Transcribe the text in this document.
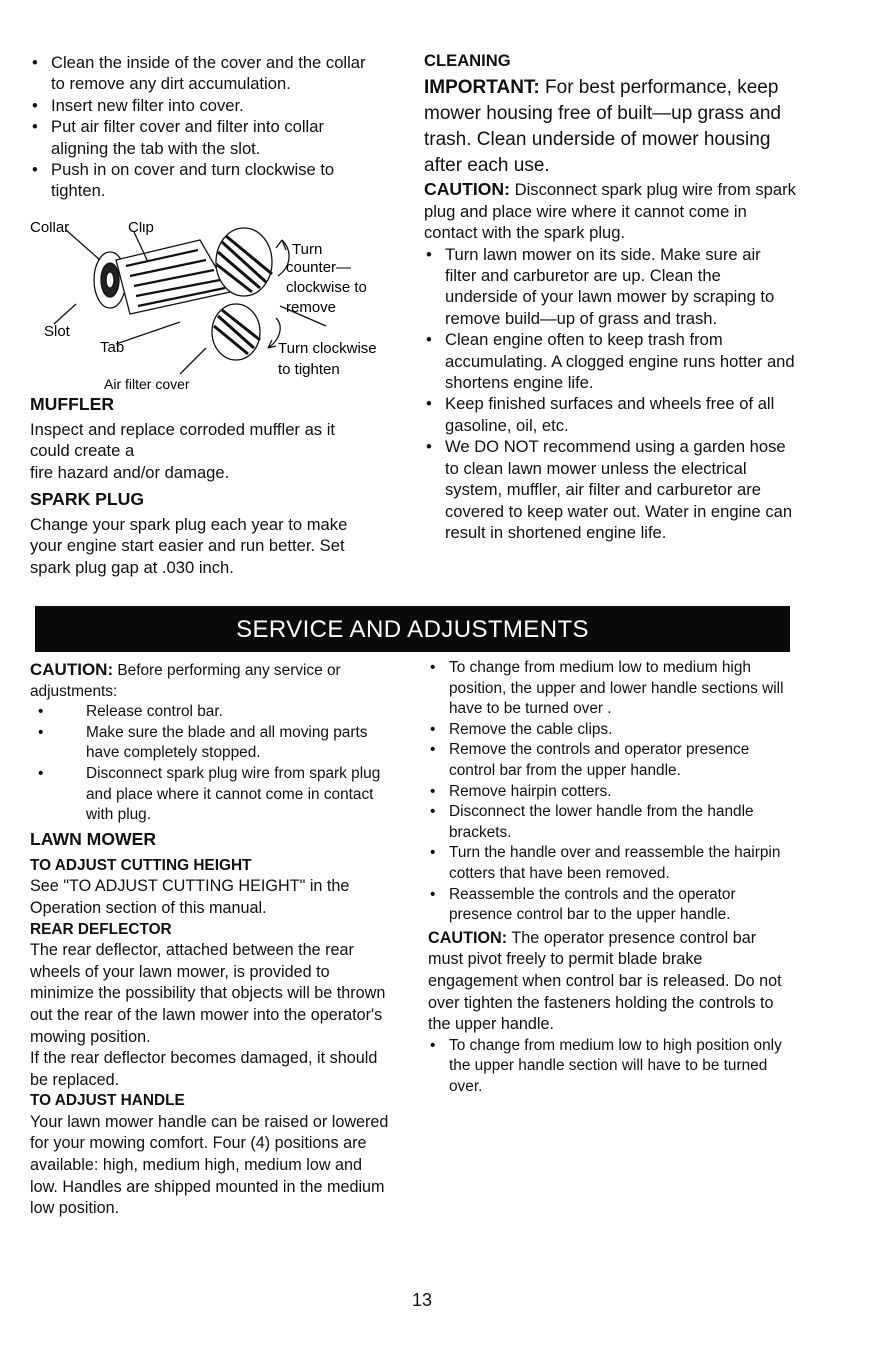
• Clean the inside of the cover and the collar to remove any dirt accumulation.
• Insert new filter into cover.
• Put air filter cover and filter into collar aligning the tab with the slot.
• Push in on cover and turn clockwise to tighten.
Collar	Clip
Slot
Tab
Air filter cover
Turn
counter—
clockwise to
remove
Turn clockwise
to tighten

MUFFLER

Inspect and replace corroded muffler as it

could create a

fire hazard and/or damage.

SPARK PLUG

Change your spark plug each year to make your engine start easier and run better. Set spark plug gap at .030 inch.

CLEANING

IMPORTANT: For best performance, keep mower housing free of built—up grass and trash. Clean underside of mower housing after each use.

CAUTION: Disconnect spark plug wire from spark plug and place wire where it cannot come in contact with the spark plug.

• Turn lawn mower on its side. Make sure air filter and carburetor are up. Clean the underside of your lawn mower by scraping to remove build—up of grass and trash.
• Clean engine often to keep trash from accumulating. A clogged engine runs hotter and shortens engine life.
• Keep finished surfaces and wheels free of all gasoline, oil, etc.
• We DO NOT recommend using a garden hose to clean lawn mower unless the electrical system, muffler, air filter and carburetor are covered to keep water out. Water in engine can result in shortened engine life.
SERVICE AND ADJUSTMENTS

CAUTION: Before performing any service or adjustments:

• Release control bar.
• Make sure the blade and all moving parts have completely stopped.
• Disconnect spark plug wire from spark plug and place where it cannot come in contact with plug.

LAWN MOWER

TO ADJUST CUTTING HEIGHT

See "TO ADJUST CUTTING HEIGHT" in the Operation section of this manual.

REAR DEFLECTOR

The rear deflector, attached between the rear wheels of your lawn mower, is provided to minimize the possibility that objects will be thrown out the rear of the lawn mower into the operator's mowing position.

If the rear deflector becomes damaged, it should be replaced.

TO ADJUST HANDLE

Your lawn mower handle can be raised or lowered for your mowing comfort. Four (4) positions are available: high, medium high, medium low and low. Handles are shipped mounted in the medium low position.

• To change from medium low to medium high position, the upper and lower handle sections will have to be turned over .
• Remove the cable clips.
• Remove the controls and operator presence control bar from the upper handle.
• Remove hairpin cotters.
• Disconnect the lower handle from the handle brackets.
• Turn the handle over and reassemble the hairpin cotters that have been removed.
• Reassemble the controls and the operator presence control bar to the upper handle.

CAUTION: The operator presence control bar must pivot freely to permit blade brake engagement when control bar is released. Do not over tighten the fasteners holding the controls to the upper handle.

• To change from medium low to high position only the upper handle section will have to be turned over.
13
